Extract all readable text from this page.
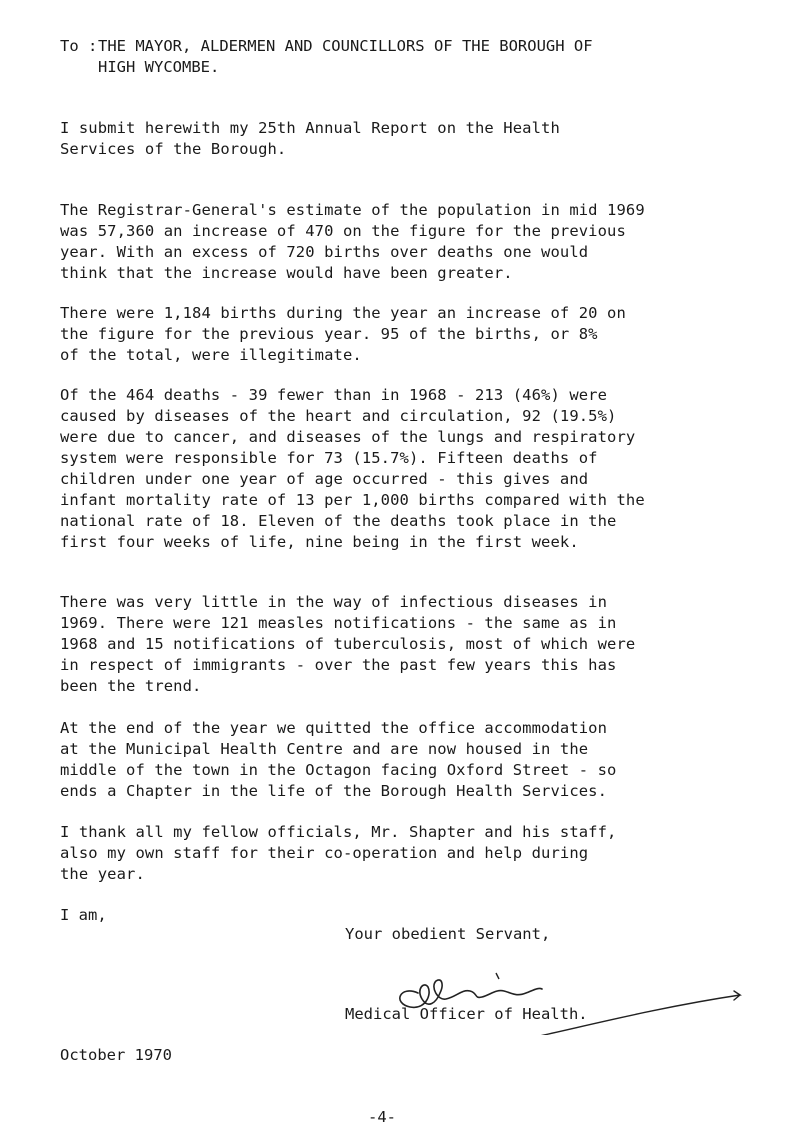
To : THE MAYOR, ALDERMEN AND COUNCILLORS OF THE BOROUGH OF
HIGH WYCOMBE.
I submit herewith my 25th Annual Report on the Health
Services of the Borough.
The Registrar-General's estimate of the population in mid 1969
was 57,360 an increase of 470 on the figure for the previous
year. With an excess of 720 births over deaths one would
think that the increase would have been greater.
There were 1,184 births during the year an increase of 20 on
the figure for the previous year. 95 of the births, or 8%
of the total, were illegitimate.
Of the 464 deaths - 39 fewer than in 1968 - 213 (46%) were
caused by diseases of the heart and circulation, 92 (19.5%)
were due to cancer, and diseases of the lungs and respiratory
system were responsible for 73 (15.7%). Fifteen deaths of
children under one year of age occurred - this gives and
infant mortality rate of 13 per 1,000 births compared with the
national rate of 18. Eleven of the deaths took place in the
first four weeks of life, nine being in the first week.
There was very little in the way of infectious diseases in
1969. There were 121 measles notifications - the same as in
1968 and 15 notifications of tuberculosis, most of which were
in respect of immigrants - over the past few years this has
been the trend.
At the end of the year we quitted the office accommodation
at the Municipal Health Centre and are now housed in the
middle of the town in the Octagon facing Oxford Street - so
ends a Chapter in the life of the Borough Health Services.
I thank all my fellow officials, Mr. Shapter and his staff,
also my own staff for their co-operation and help during
the year.
I am,
Your obedient Servant,
Medical Officer of Health.
October 1970
-4-
